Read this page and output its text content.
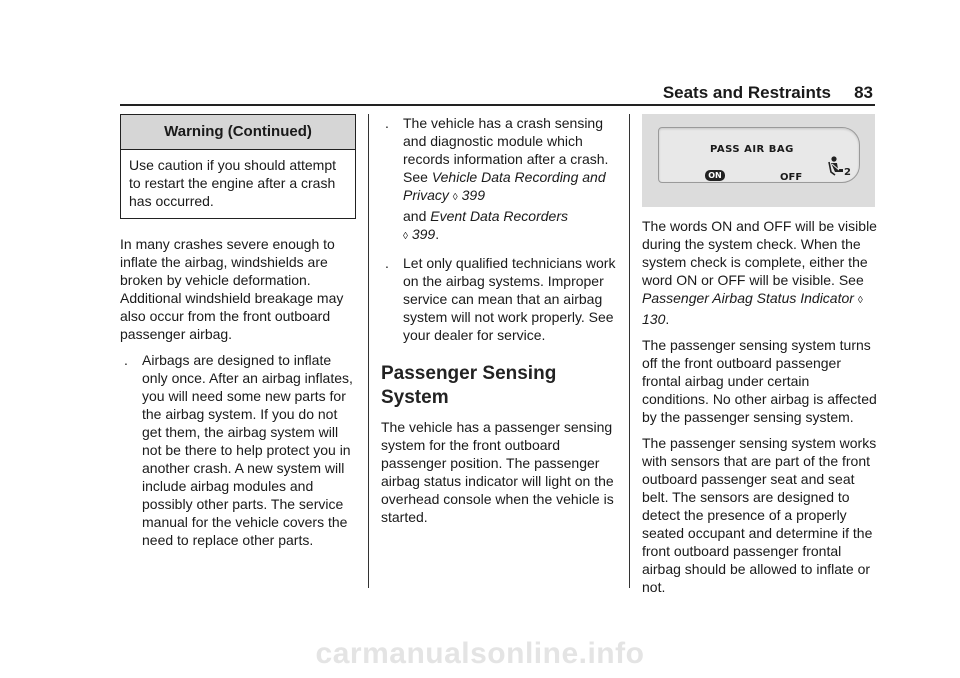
Seats and Restraints 83
Warning (Continued)
Use caution if you should attempt to restart the engine after a crash has occurred.

In many crashes severe enough to inflate the airbag, windshields are broken by vehicle deformation. Additional windshield breakage may also occur from the front outboard passenger airbag.

. Airbags are designed to inflate only once. After an airbag inflates, you will need some new parts for the airbag system. If you do not get them, the airbag system will not be there to help protect you in another crash. A new system will include airbag modules and possibly other parts. The service manual for the vehicle covers the need to replace other parts.
. The vehicle has a crash sensing and diagnostic module which records information after a crash. See Vehicle Data Recording and Privacy ◊ 399
and Event Data Recorders
◊ 399.
. Let only qualified technicians work on the airbag systems. Improper service can mean that an airbag system will not work properly. See your dealer for service.
Passenger Sensing System

The vehicle has a passenger sensing system for the front outboard passenger position. The passenger airbag status indicator will light on the overhead console when the vehicle is started.

PASS AIR BAG
ON	OFF	2

The words ON and OFF will be visible during the system check. When the system check is complete, either the word ON or OFF will be visible. See Passenger Airbag Status Indicator ◊ 130.

The passenger sensing system turns off the front outboard passenger frontal airbag under certain conditions. No other airbag is affected by the passenger sensing system.

The passenger sensing system works with sensors that are part of the front outboard passenger seat and seat belt. The sensors are designed to detect the presence of a properly seated occupant and determine if the front outboard passenger frontal airbag should be allowed to inflate or not.

carmanualsonline.info
